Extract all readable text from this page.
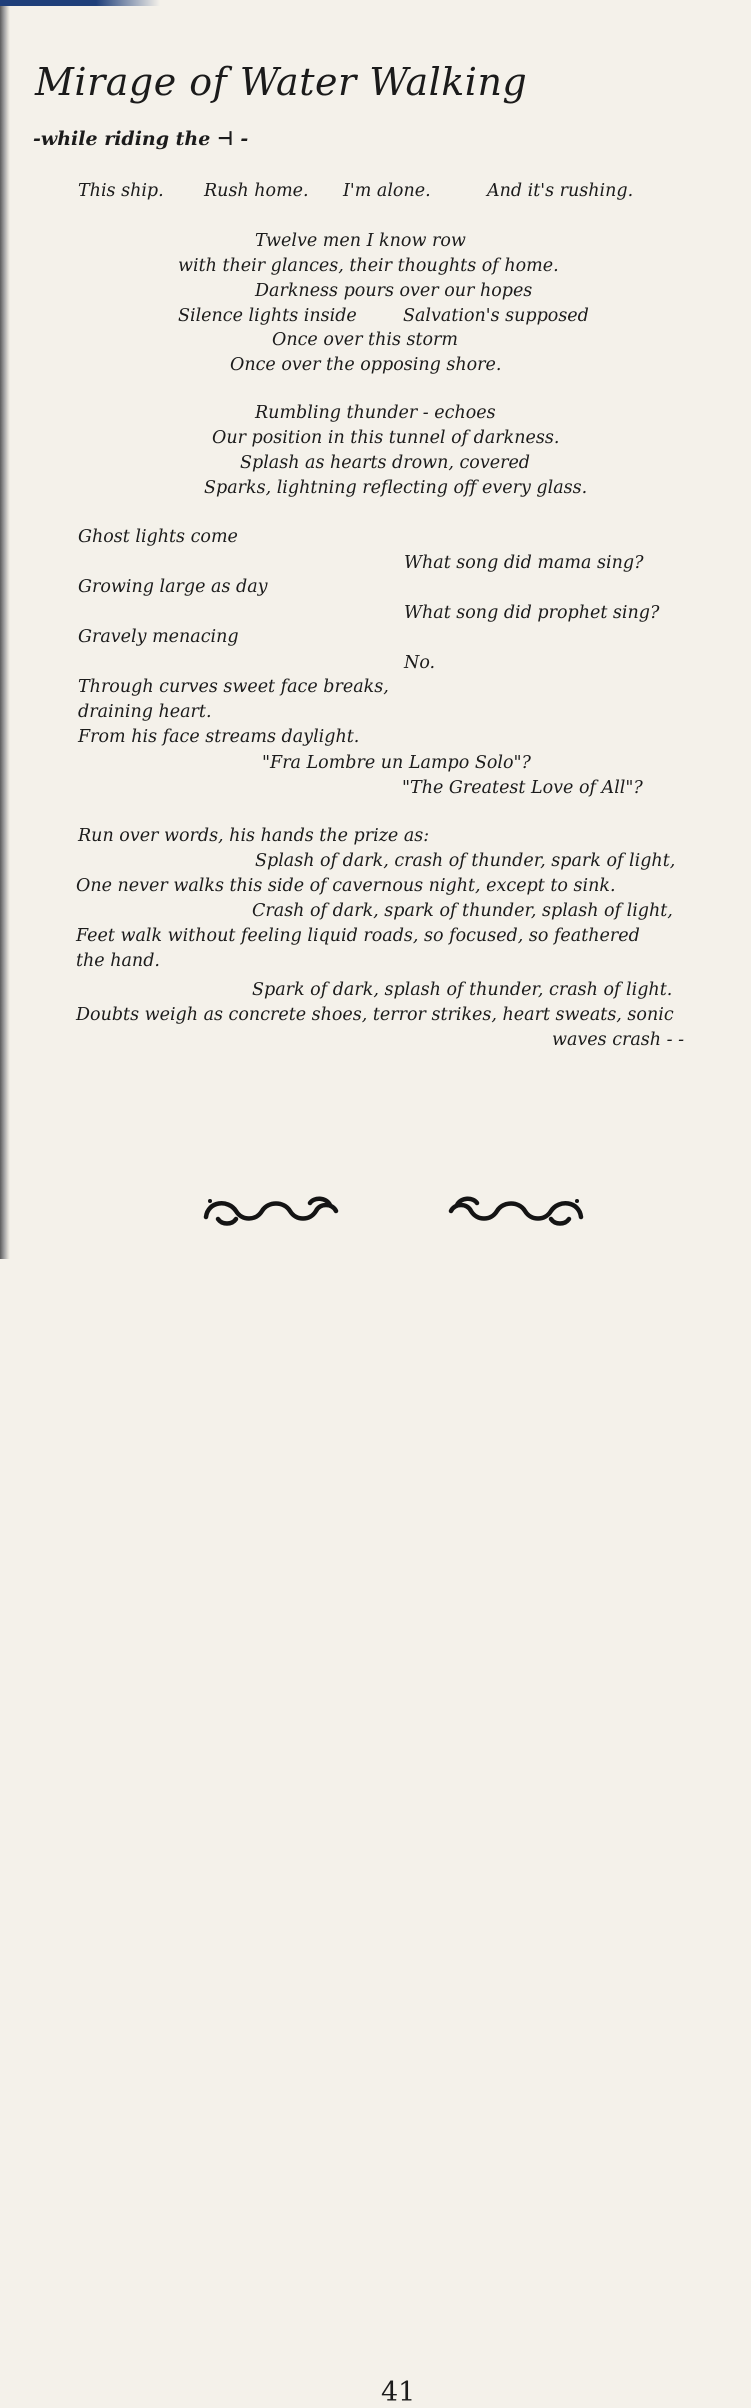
Mirage of Water Walking
-while riding the ⊣ -
This ship. Rush home. I'm alone.	And it's rushing.
Twelve men I know row
with their glances, their thoughts of home.
Darkness pours over our hopes
Silence lights inside	Salvation's supposed
Once over this storm
Once over the opposing shore.
Rumbling thunder - echoes
Our position in this tunnel of darkness.
Splash as hearts drown, covered
Sparks, lightning reflecting off every glass.
Ghost lights come
What song did mama sing?
Growing large as day
What song did prophet sing?
Gravely menacing
No.
Through curves sweet face breaks,
draining heart.
From his face streams daylight.
"Fra Lombre un Lampo Solo"?
"The Greatest Love of All"?
Run over words, his hands the prize as:
Splash of dark, crash of thunder, spark of light,
One never walks this side of cavernous night, except to sink.
Crash of dark, spark of thunder, splash of light,
Feet walk without feeling liquid roads, so focused, so feathered
the hand.
Spark of dark, splash of thunder, crash of light.
Doubts weigh as concrete shoes, terror strikes, heart sweats, sonic
waves crash - -
41
